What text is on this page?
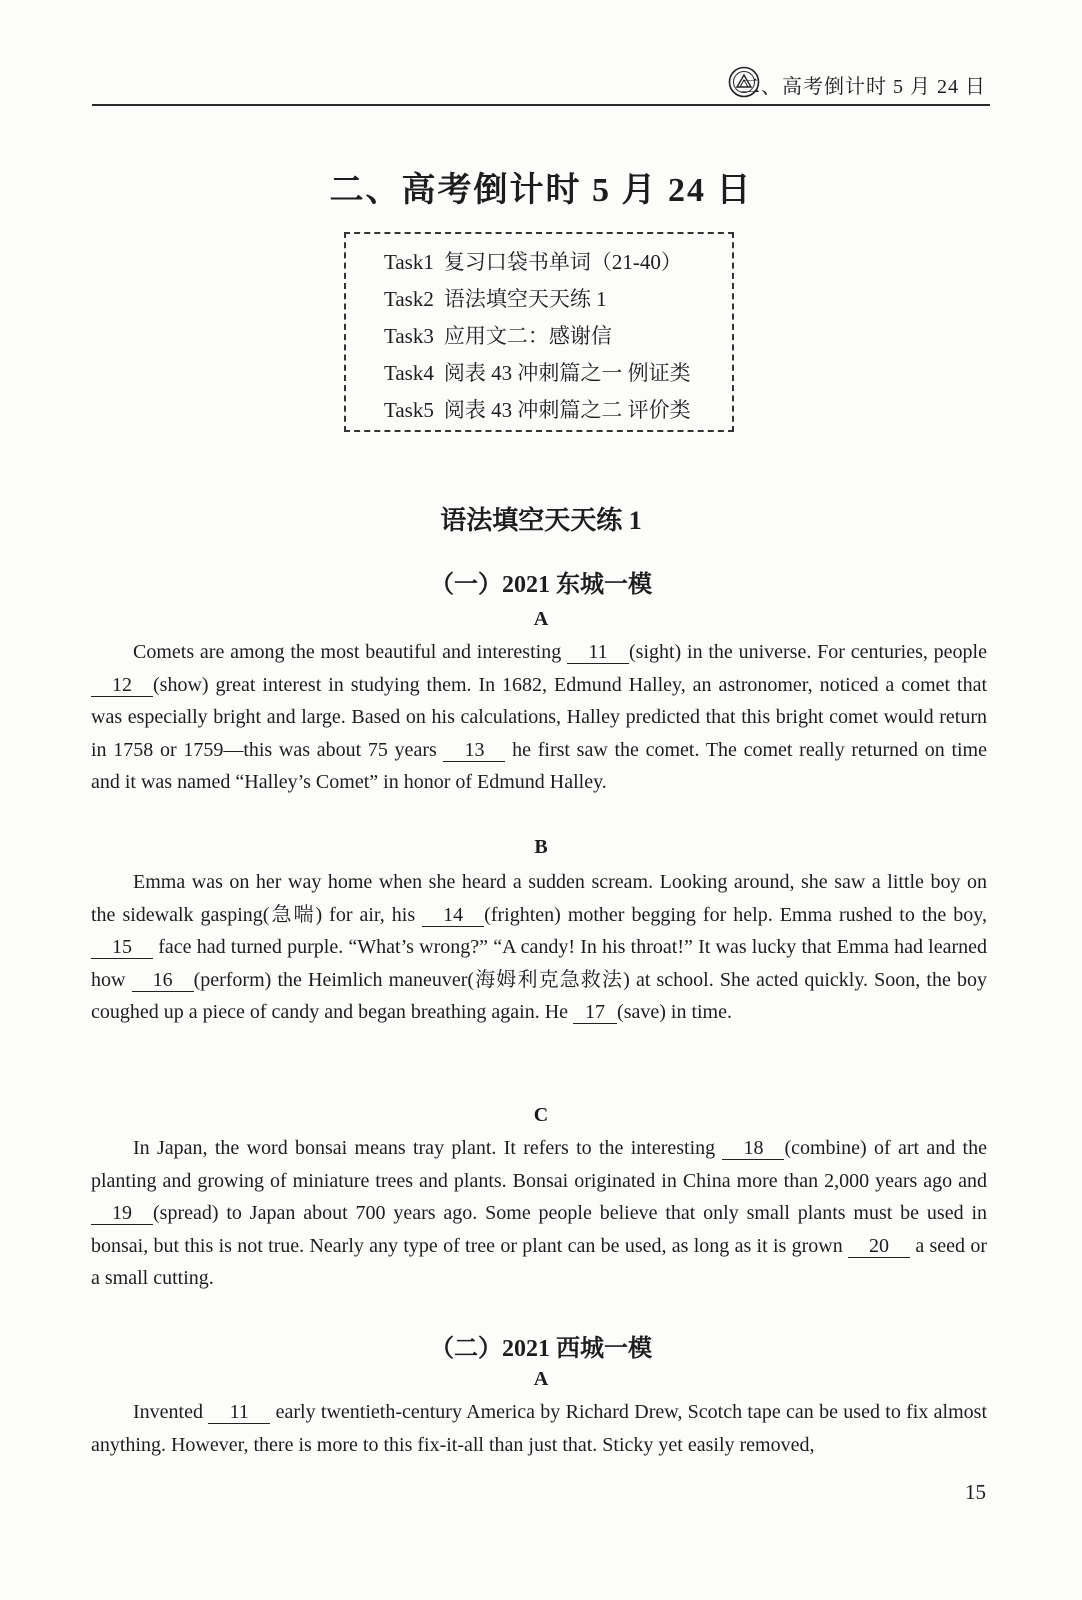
二、高考倒计时 5 月 24 日
二、高考倒计时 5 月 24 日
Task1 复习口袋书单词（21-40）
Task2 语法填空天天练 1
Task3 应用文二：感谢信
Task4 阅表 43 冲刺篇之一 例证类
Task5 阅表 43 冲刺篇之二 评价类
语法填空天天练 1
（一）2021 东城一模
A
Comets are among the most beautiful and interesting 11 (sight) in the universe. For centuries, people 12 (show) great interest in studying them. In 1682, Edmund Halley, an astronomer, noticed a comet that was especially bright and large. Based on his calculations, Halley predicted that this bright comet would return in 1758 or 1759—this was about 75 years 13 he first saw the comet. The comet really returned on time and it was named “Halley’s Comet” in honor of Edmund Halley.
B
Emma was on her way home when she heard a sudden scream. Looking around, she saw a little boy on the sidewalk gasping(急喘) for air, his 14 (frighten) mother begging for help. Emma rushed to the boy, 15 face had turned purple. “What’s wrong?” “A candy! In his throat!” It was lucky that Emma had learned how 16 (perform) the Heimlich maneuver(海姆利克急救法) at school. She acted quickly. Soon, the boy coughed up a piece of candy and began breathing again. He 17 (save) in time.
C
In Japan, the word bonsai means tray plant. It refers to the interesting 18 (combine) of art and the planting and growing of miniature trees and plants. Bonsai originated in China more than 2,000 years ago and 19 (spread) to Japan about 700 years ago. Some people believe that only small plants must be used in bonsai, but this is not true. Nearly any type of tree or plant can be used, as long as it is grown 20 a seed or a small cutting.
（二）2021 西城一模
A
Invented 11 early twentieth-century America by Richard Drew, Scotch tape can be used to fix almost anything. However, there is more to this fix-it-all than just that. Sticky yet easily removed,
15
